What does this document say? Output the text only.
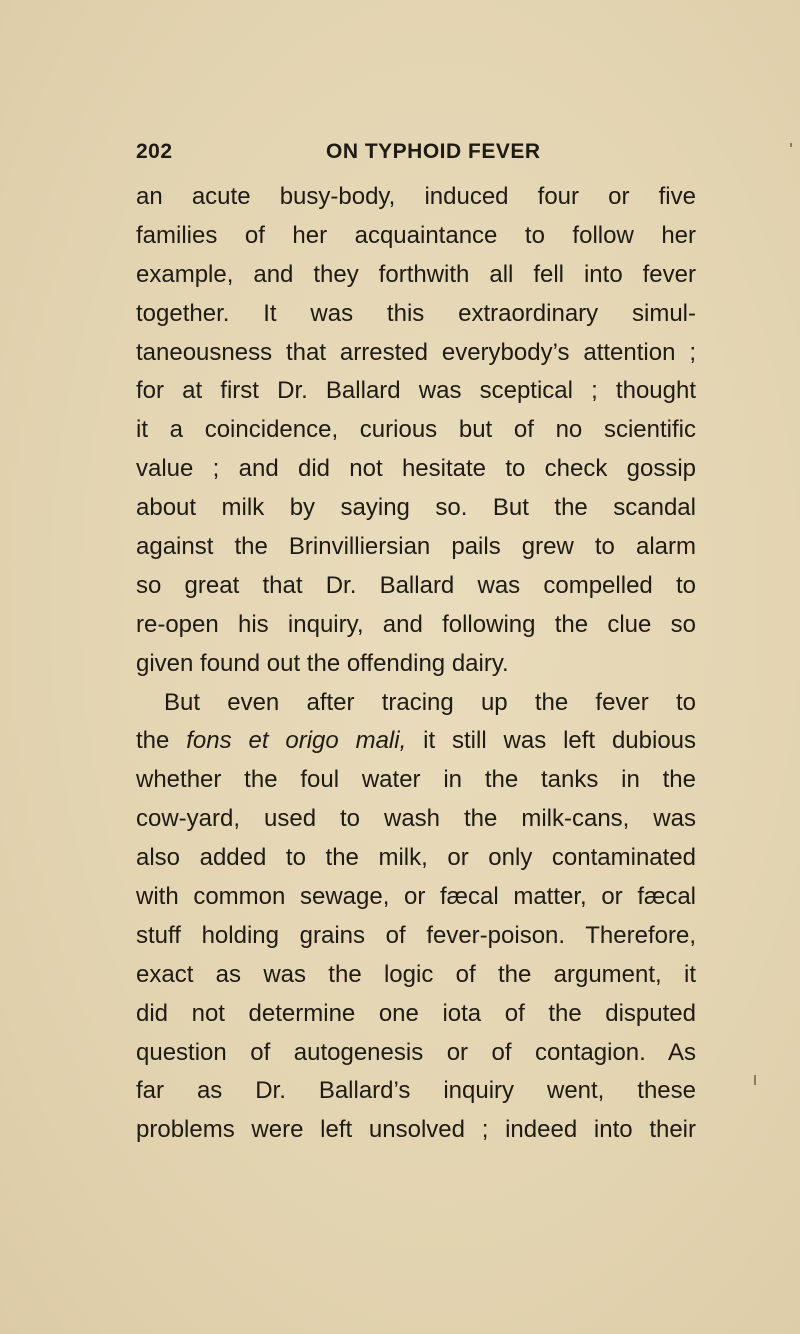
202	ON TYPHOID FEVER
an acute busy-body, induced four or five
families of her acquaintance to follow her
example, and they forthwith all fell into fever
together. It was this extraordinary simul-
taneousness that arrested everybody’s attention ;
for at first Dr. Ballard was sceptical ; thought
it a coincidence, curious but of no scientific
value ; and did not hesitate to check gossip
about milk by saying so. But the scandal
against the Brinvilliersian pails grew to alarm
so great that Dr. Ballard was compelled to
re-open his inquiry, and following the clue so
given found out the offending dairy.
But even after tracing up the fever to
the fons et origo mali, it still was left dubious
whether the foul water in the tanks in the
cow-yard, used to wash the milk-cans, was
also added to the milk, or only contaminated
with common sewage, or fæcal matter, or fæcal
stuff holding grains of fever-poison. Therefore,
exact as was the logic of the argument, it
did not determine one iota of the disputed
question of autogenesis or of contagion. As
far as Dr. Ballard’s inquiry went, these
problems were left unsolved ; indeed into their
